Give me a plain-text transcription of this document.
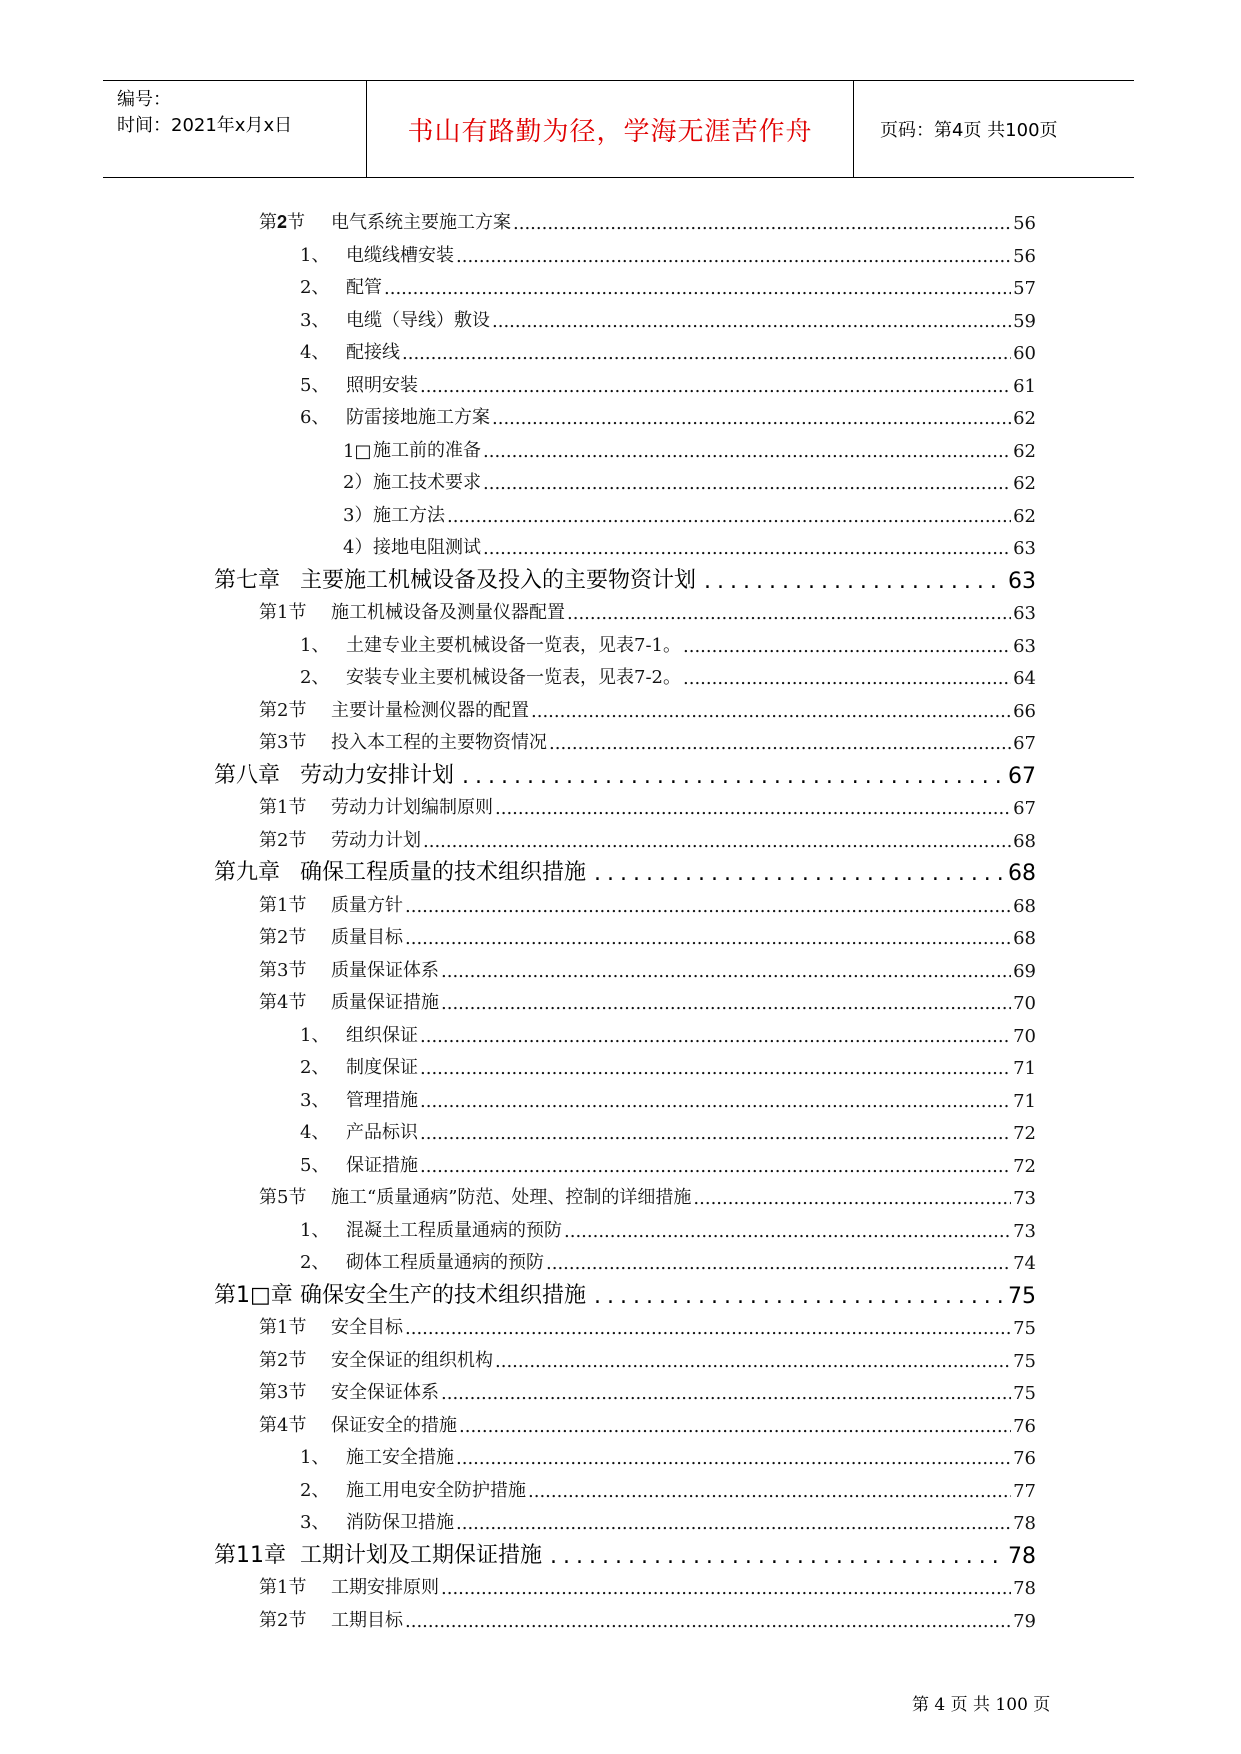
编号：
时间：2021年x月x日	书山有路勤为径，学海无涯苦作舟	页码：第4页 共100页
第𝟐节	电气系统主要施工方案 .....	56
1、 电缆线槽安装 .....	56
2、 配管 .....	57
3、 电缆（导线）敷设 .....	59
4、 配接线 .....	60
5、 照明安装 .....	61
6、 防雷接地施工方案 .....	62
1□ 施工前的准备 .....	62
2） 施工技术要求 .....	62
3） 施工方法 .....	62
4） 接地电阻测试 .....	63
第七章 主要施工机械设备及投入的主要物资计划 .....	63
第1节	施工机械设备及测量仪器配置 .....	63
1、 土建专业主要机械设备一览表，见表7-1。 .....	63
2、 安装专业主要机械设备一览表，见表7-2。 .....	64
第2节	主要计量检测仪器的配置 .....	66
第3节	投入本工程的主要物资情况 .....	67
第八章 劳动力安排计划 .....	67
第1节	劳动力计划编制原则 .....	67
第2节	劳动力计划 .....	68
第九章 确保工程质量的技术组织措施 .....	68
第1节	质量方针 .....	68
第2节	质量目标 .....	68
第3节	质量保证体系 .....	69
第4节	质量保证措施 .....	70
1、 组织保证 .....	70
2、 制度保证 .....	71
3、 管理措施 .....	71
4、 产品标识 .....	72
5、 保证措施 .....	72
第5节	施工“质量通病”防范、处理、控制的详细措施 .....	73
1、 混凝土工程质量通病的预防 .....	73
2、 砌体工程质量通病的预防 .....	74
第1□章 确保安全生产的技术组织措施 .....	75
第1节	安全目标 .....	75
第2节	安全保证的组织机构 .....	75
第3节	安全保证体系 .....	75
第4节	保证安全的措施 .....	76
1、 施工安全措施 .....	76
2、 施工用电安全防护措施 .....	77
3、 消防保卫措施 .....	78
第11章 工期计划及工期保证措施 .....	78
第1节	工期安排原则 .....	78
第2节	工期目标 .....	79
第 4 页 共 100 页
